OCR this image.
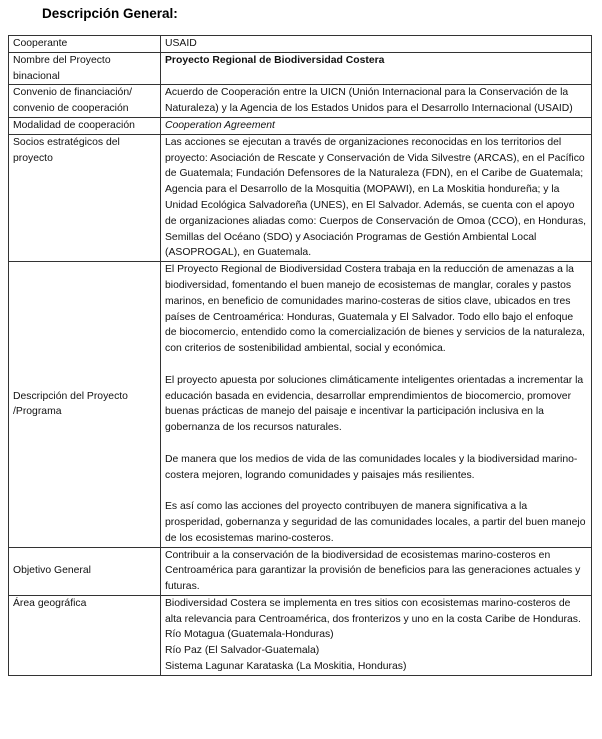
Descripción General:
Cooperante	USAID
Nombre del Proyecto binacional	Proyecto Regional de Biodiversidad Costera
Convenio de financiación/ convenio de cooperación	Acuerdo de Cooperación entre la UICN (Unión Internacional para la Conservación de la Naturaleza) y la Agencia de los Estados Unidos para el Desarrollo Internacional (USAID)
Modalidad de cooperación	Cooperation Agreement
Socios estratégicos del proyecto	Las acciones se ejecutan a través de organizaciones reconocidas en los territorios del proyecto: Asociación de Rescate y Conservación de Vida Silvestre (ARCAS), en el Pacífico de Guatemala; Fundación Defensores de la Naturaleza (FDN), en el Caribe de Guatemala; Agencia para el Desarrollo de la Mosquitia (MOPAWI), en La Moskitia hondureña; y la Unidad Ecológica Salvadoreña (UNES), en El Salvador. Además, se cuenta con el apoyo de organizaciones aliadas como: Cuerpos de Conservación de Omoa (CCO), en Honduras, Semillas del Océano (SDO) y Asociación Programas de Gestión Ambiental Local (ASOPROGAL), en Guatemala.
Descripción del Proyecto /Programa	El Proyecto Regional de Biodiversidad Costera trabaja en la reducción de amenazas a la biodiversidad, fomentando el buen manejo de ecosistemas de manglar, corales y pastos marinos, en beneficio de comunidades marino-costeras de sitios clave, ubicados en tres países de Centroamérica: Honduras, Guatemala y El Salvador. Todo ello bajo el enfoque de biocomercio, entendido como la comercialización de bienes y servicios de la naturaleza, con criterios de sostenibilidad ambiental, social y económica.

El proyecto apuesta por soluciones climáticamente inteligentes orientadas a incrementar la educación basada en evidencia, desarrollar emprendimientos de biocomercio, promover buenas prácticas de manejo del paisaje e incentivar la participación inclusiva en la gobernanza de los recursos naturales.

De manera que los medios de vida de las comunidades locales y la biodiversidad marino-costera mejoren, logrando comunidades y paisajes más resilientes.

Es así como las acciones del proyecto contribuyen de manera significativa a la prosperidad, gobernanza y seguridad de las comunidades locales, a partir del buen manejo de los ecosistemas marino-costeros.

Objetivo General	Contribuir a la conservación de la biodiversidad de ecosistemas marino-costeros en Centroamérica para garantizar la provisión de beneficios para las generaciones actuales y futuras.
Área geográfica	Biodiversidad Costera se implementa en tres sitios con ecosistemas marino-costeros de alta relevancia para Centroamérica, dos fronterizos y uno en la costa Caribe de Honduras.
Río Motagua (Guatemala-Honduras)
Río Paz (El Salvador-Guatemala)
Sistema Lagunar Karataska (La Moskitia, Honduras)
